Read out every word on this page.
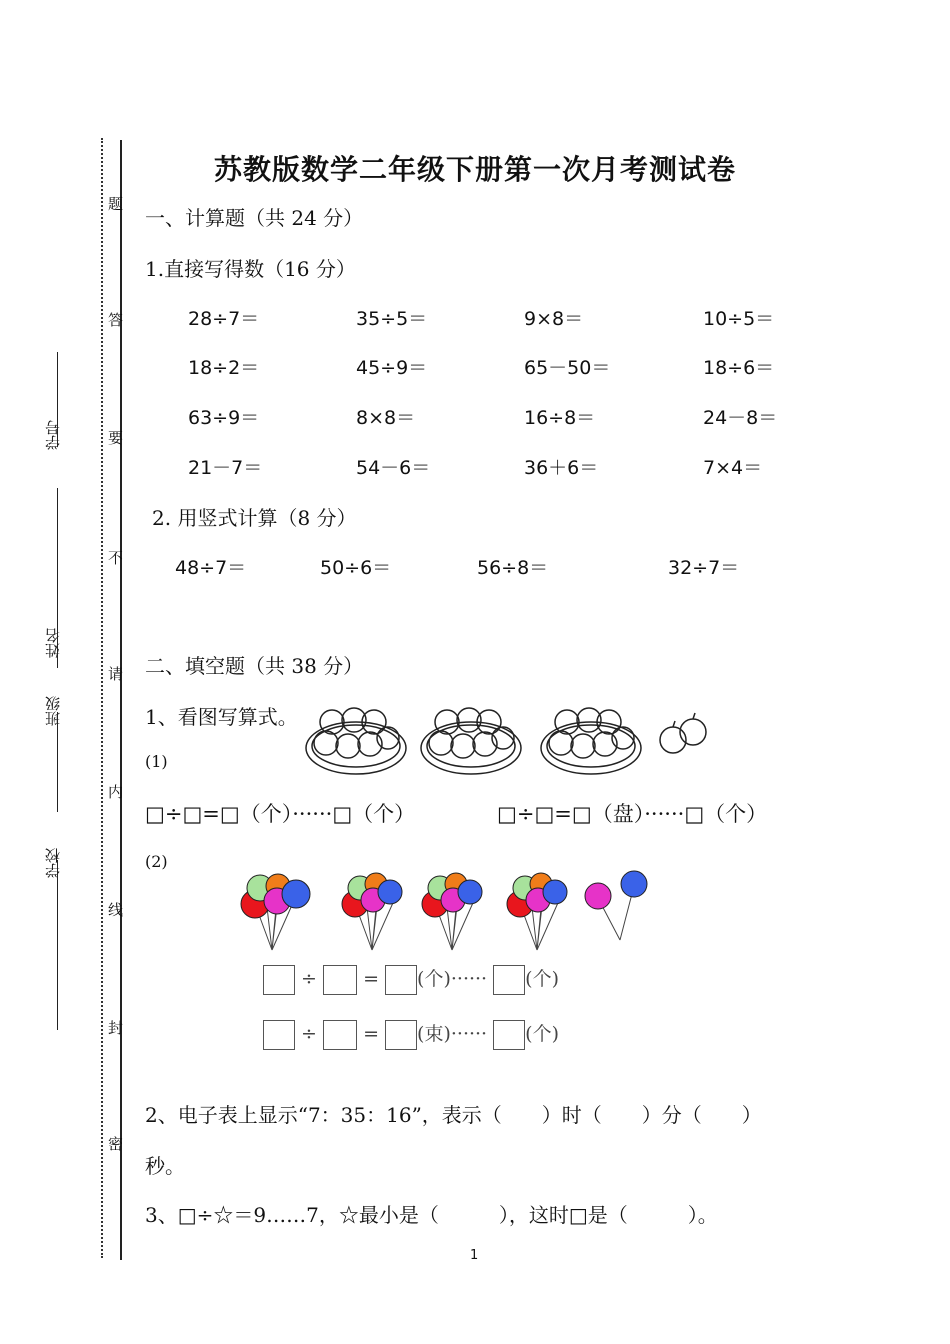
题
答
要
不
请
内
线
封
密
学号
姓名
班级
学校
苏教版数学二年级下册第一次月考测试卷
一、计算题（共 24 分）
1.直接写得数（16 分）
28÷7＝	35÷5＝	9×8＝	10÷5＝
18÷2＝	45÷9＝	65－50＝	18÷6＝
63÷9＝	8×8＝	16÷8＝	24－8＝
21－7＝	54－6＝	36＋6＝	7×4＝
2. 用竖式计算（8 分）
48÷7＝	50÷6＝	56÷8＝	32÷7＝
二、填空题（共 38 分）
1、看图写算式。
(1)
□÷□=□（个）······□（个）	□÷□=□（盘）······□（个）
(2)
÷ = (个)······ (个)
÷ = (束)······ (个)
2、电子表上显示“7：35：16”，表示（　　）时（　　）分（　　）
秒。
3、□÷☆＝9……7，☆最小是（　　　），这时□是（　　　）。
1
